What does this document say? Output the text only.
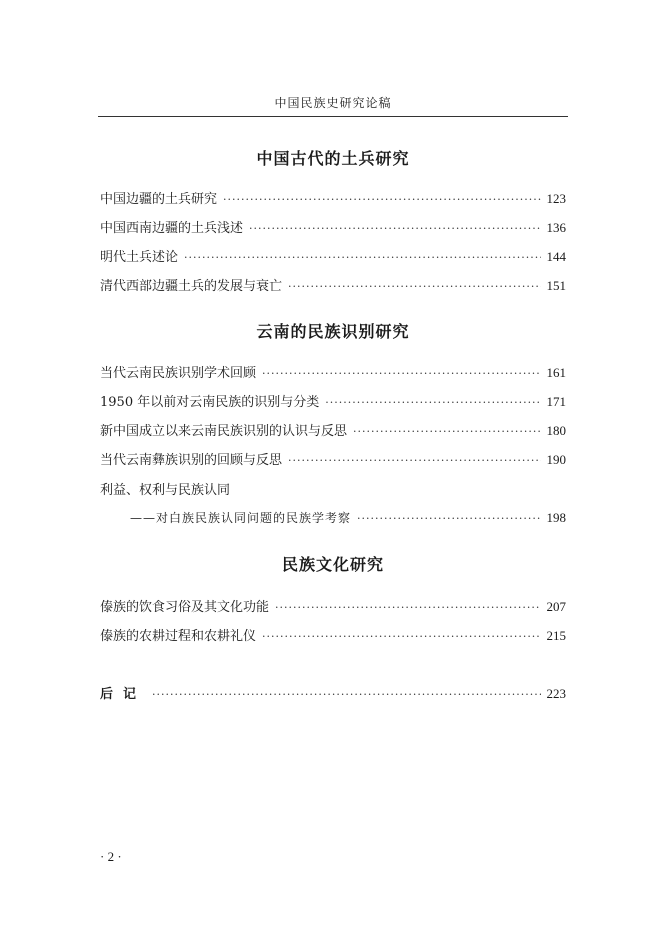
中国民族史研究论稿
中国古代的土兵研究
中国边疆的土兵研究 ·····	123
中国西南边疆的土兵浅述 ·····	136
明代土兵述论 ·····	144
清代西部边疆土兵的发展与衰亡 ·····	151
云南的民族识别研究
当代云南民族识别学术回顾 ·····	161
1950 年以前对云南民族的识别与分类 ·····	171
新中国成立以来云南民族识别的认识与反思 ·····	180
当代云南彝族识别的回顾与反思 ·····	190
利益、权利与民族认同
——对白族民族认同问题的民族学考察 ·····	198
民族文化研究
傣族的饮食习俗及其文化功能 ·····	207
傣族的农耕过程和农耕礼仪 ·····	215
后记 ·····	223
· 2 ·
